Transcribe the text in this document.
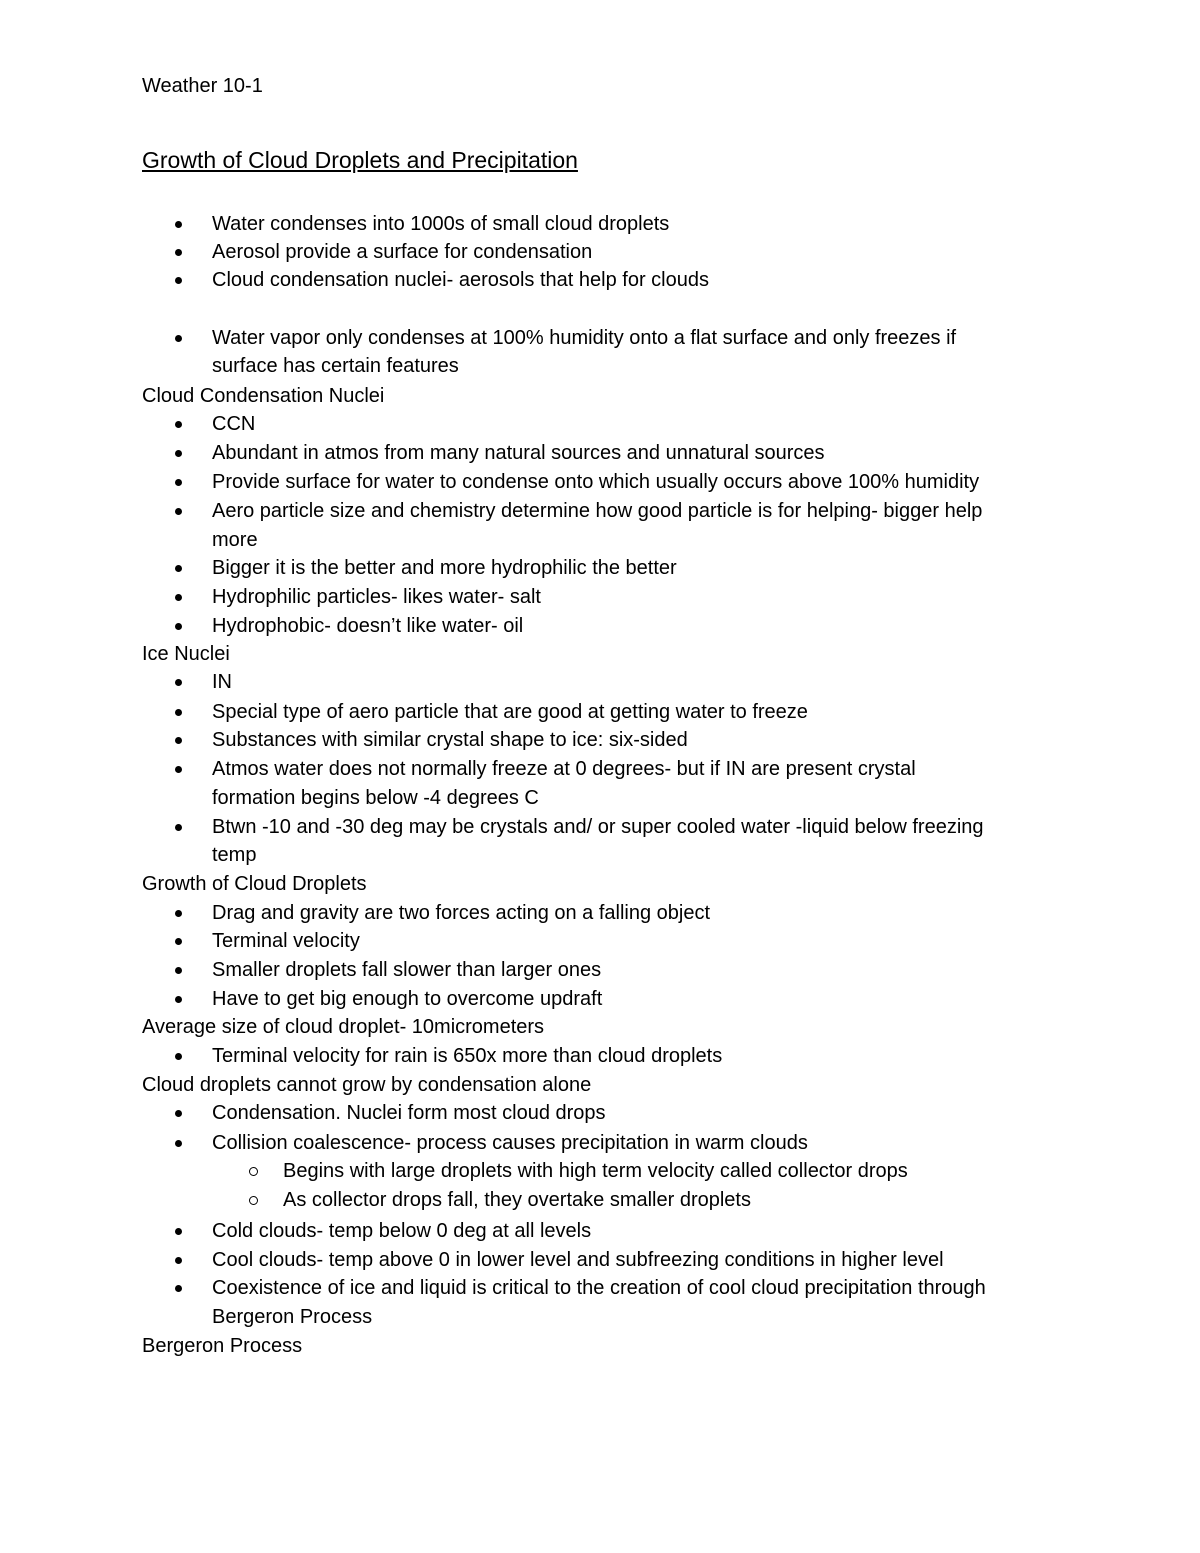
Weather 10-1
Growth of Cloud Droplets and Precipitation
Water condenses into 1000s of small cloud droplets
Aerosol provide a surface for condensation
Cloud condensation nuclei- aerosols that help for clouds
Water vapor only condenses at 100% humidity onto a flat surface and only freezes if
surface has certain features
Cloud Condensation Nuclei
CCN
Abundant in atmos from many natural sources and unnatural sources
Provide surface for water to condense onto which usually occurs above 100% humidity
Aero particle size and chemistry determine how good particle is for helping- bigger help
more
Bigger it is the better and more hydrophilic the better
Hydrophilic particles- likes water- salt
Hydrophobic- doesn’t like water- oil
Ice Nuclei
IN
Special type of aero particle that are good at getting water to freeze
Substances with similar crystal shape to ice: six-sided
Atmos water does not normally freeze at 0 degrees- but if IN are present crystal
formation begins below -4 degrees C
Btwn -10 and -30 deg may be crystals and/ or super cooled water -liquid below freezing
temp
Growth of Cloud Droplets
Drag and gravity are two forces acting on a falling object
Terminal velocity
Smaller droplets fall slower than larger ones
Have to get big enough to overcome updraft
Average size of cloud droplet- 10micrometers
Terminal velocity for rain is 650x more than cloud droplets
Cloud droplets cannot grow by condensation alone
Condensation. Nuclei form most cloud drops
Collision coalescence- process causes precipitation in warm clouds
Begins with large droplets with high term velocity called collector drops
As collector drops fall, they overtake smaller droplets
Cold clouds- temp below 0 deg at all levels
Cool clouds- temp above 0 in lower level and subfreezing conditions in higher level
Coexistence of ice and liquid is critical to the creation of cool cloud precipitation through
Bergeron Process
Bergeron Process
